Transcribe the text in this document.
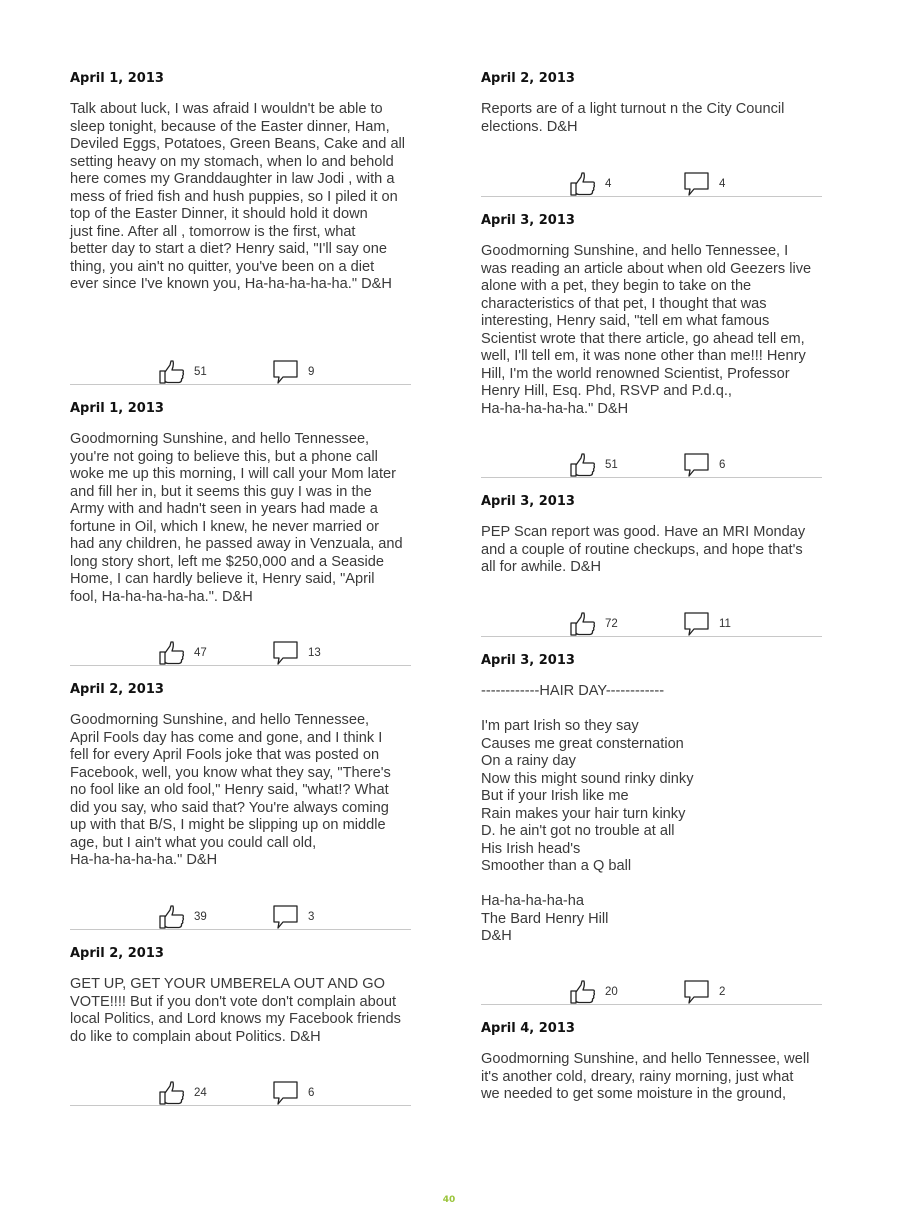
April 1, 2013
Talk about luck, I was afraid I wouldn't be able to
sleep tonight, because of the Easter dinner, Ham,
Deviled Eggs, Potatoes, Green Beans, Cake and all
setting heavy on my stomach, when lo and behold
here comes my Granddaughter in law Jodi , with a
mess of fried fish and hush puppies, so I piled it on
top of the Easter Dinner, it should hold it down
just fine. After all , tomorrow is the first, what
better day to start a diet? Henry said, "I'll say one
thing, you ain't no quitter, you've been on a diet
ever since I've known you, Ha-ha-ha-ha-ha." D&H
51	9
April 1, 2013
Goodmorning Sunshine, and hello Tennessee,
you're not going to believe this, but a phone call
woke me up this morning, I will call your Mom later
and fill her in, but it seems this guy I was in the
Army with and hadn't seen in years had made a
fortune in Oil, which I knew, he never married or
had any children, he passed away in Venzuala, and
long story short, left me $250,000 and a Seaside
Home, I can hardly believe it, Henry said, "April
fool, Ha-ha-ha-ha-ha.". D&H
47	13
April 2, 2013
Goodmorning Sunshine, and hello Tennessee,
April Fools day has come and gone, and I think I
fell for every April Fools joke that was posted on
Facebook, well, you know what they say, "There's
no fool like an old fool," Henry said, "what!? What
did you say, who said that? You're always coming
up with that B/S, I might be slipping up on middle
age, but I ain't what you could call old,
Ha-ha-ha-ha-ha." D&H
39	3
April 2, 2013
GET UP, GET YOUR UMBERELA OUT AND GO
VOTE!!!! But if you don't vote don't complain about
local Politics, and Lord knows my Facebook friends
do like to complain about Politics. D&H
24	6
April 2, 2013
Reports are of a light turnout n the City Council
elections. D&H
4	4
April 3, 2013
Goodmorning Sunshine, and hello Tennessee, I
was reading an article about when old Geezers live
alone with a pet, they begin to take on the
characteristics of that pet, I thought that was
interesting, Henry said, "tell em what famous
Scientist wrote that there article, go ahead tell em,
well, I'll tell em, it was none other than me!!! Henry
Hill, I'm the world renowned Scientist, Professor
Henry Hill, Esq. Phd, RSVP and P.d.q.,
Ha-ha-ha-ha-ha." D&H
51	6
April 3, 2013
PEP Scan report was good. Have an MRI Monday
and a couple of routine checkups, and hope that's
all for awhile. D&H
72	11
April 3, 2013
------------HAIR DAY------------

I'm part Irish so they say
Causes me great consternation
On a rainy day
Now this might sound rinky dinky
But if your Irish like me
Rain makes your hair turn kinky
D. he ain't got no trouble at all
His Irish head's
Smoother than a Q ball

Ha-ha-ha-ha-ha
The Bard Henry Hill
D&H
20	2
April 4, 2013
Goodmorning Sunshine, and hello Tennessee, well
it's another cold, dreary, rainy morning, just what
we needed to get some moisture in the ground,
40
